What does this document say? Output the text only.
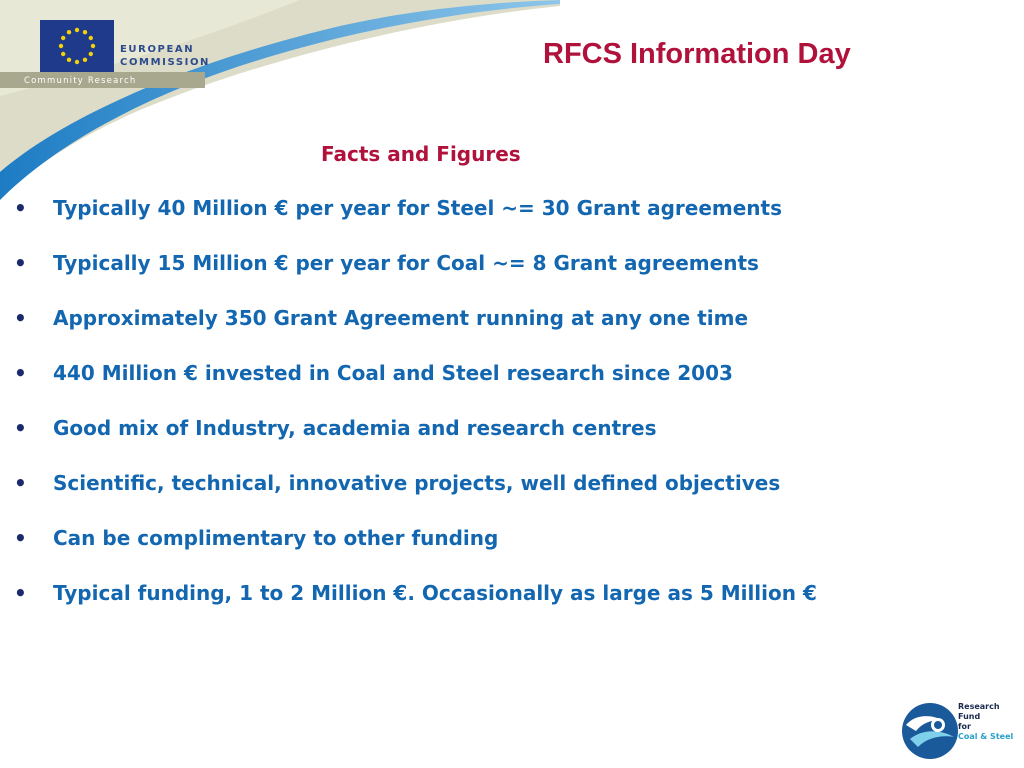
EUROPEAN
COMMISSION
Community Research
RFCS Information Day
Facts and Figures
•	Typically 40 Million € per year for Steel ~= 30 Grant agreements
•	Typically 15 Million € per year for Coal ~= 8 Grant agreements
•	Approximately 350 Grant Agreement running at any one time
•	440 Million € invested in Coal and Steel research since 2003
•	Good mix of Industry, academia and research centres
•	Scientific, technical, innovative projects, well defined objectives
•	Can be complimentary to other funding
•	Typical funding, 1 to 2 Million €. Occasionally as large as 5 Million €
Research Fund
for
Coal & Steel
